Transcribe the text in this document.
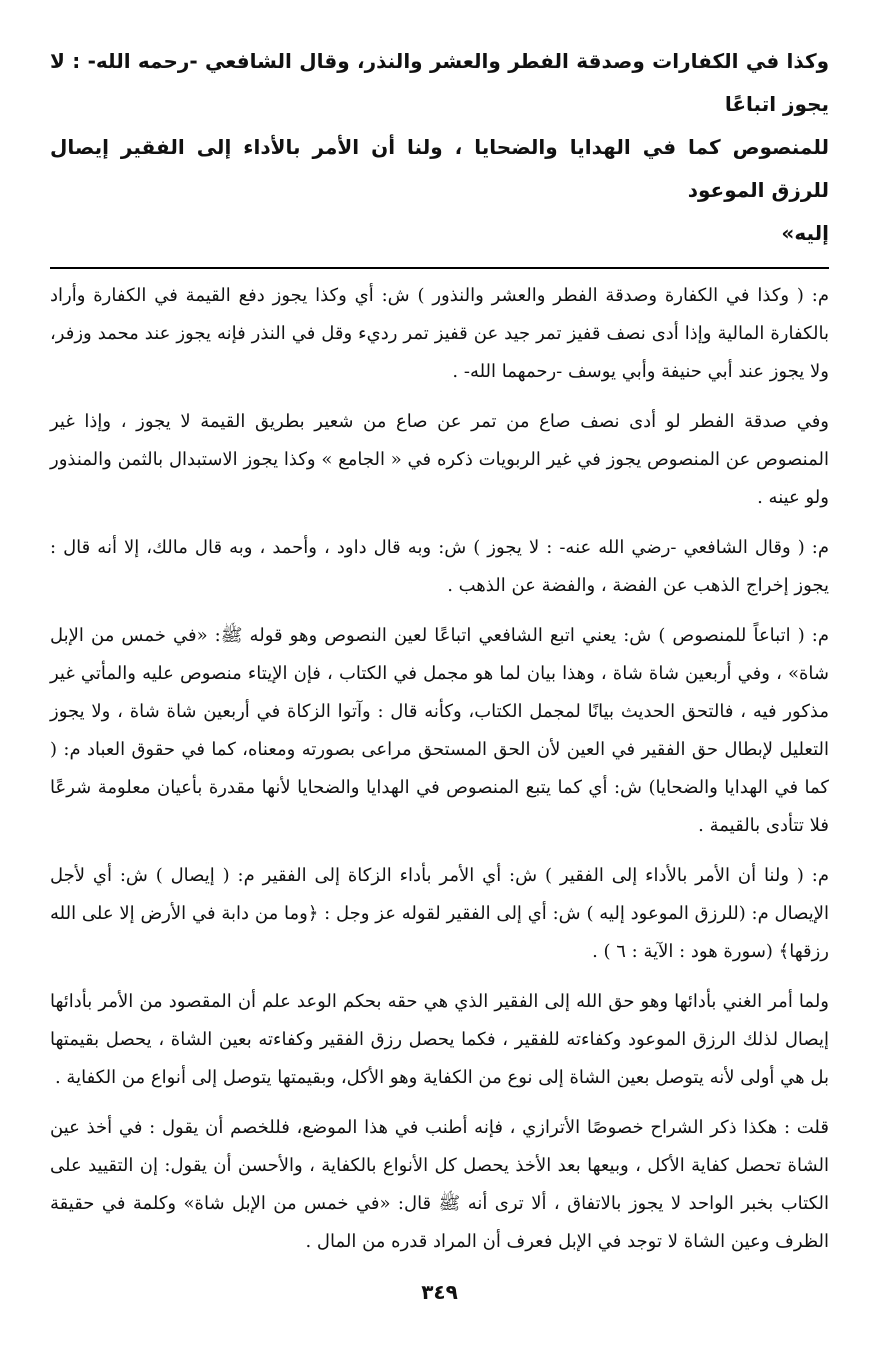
وكذا في الكفارات وصدقة الفطر والعشر والنذر، وقال الشافعي -رحمه الله- : لا يجوز اتباعًا

للمنصوص كما في الهدايا والضحايا ، ولنا أن الأمر بالأداء إلى الفقير إيصال للرزق الموعود

إليه»

م: ( وكذا في الكفارة وصدقة الفطر والعشر والنذور ) ش: أي وكذا يجوز دفع القيمة في الكفارة وأراد بالكفارة المالية وإذا أدى نصف قفيز تمر جيد عن قفيز تمر رديء وقل في النذر فإنه يجوز عند محمد وزفر، ولا يجوز عند أبي حنيفة وأبي يوسف -رحمهما الله- .

وفي صدقة الفطر لو أدى نصف صاع من تمر عن صاع من شعير بطريق القيمة لا يجوز ، وإذا غير المنصوص عن المنصوص يجوز في غير الربويات ذكره في « الجامع » وكذا يجوز الاستبدال بالثمن والمنذور ولو عينه .

م: ( وقال الشافعي -رضي الله عنه- : لا يجوز ) ش: وبه قال داود ، وأحمد ، وبه قال مالك، إلا أنه قال : يجوز إخراج الذهب عن الفضة ، والفضة عن الذهب .

م: ( اتباعاً للمنصوص ) ش: يعني اتبع الشافعي اتباعًا لعين النصوص وهو قوله ﷺ: «في خمس من الإبل شاة» ، وفي أربعين شاة شاة ، وهذا بيان لما هو مجمل في الكتاب ، فإن الإيتاء منصوص عليه والمأتي غير مذكور فيه ، فالتحق الحديث بيانًا لمجمل الكتاب، وكأنه قال : وآتوا الزكاة في أربعين شاة شاة ، ولا يجوز التعليل لإبطال حق الفقير في العين لأن الحق المستحق مراعى بصورته ومعناه، كما في حقوق العباد م: ( كما في الهدايا والضحايا) ش: أي كما يتبع المنصوص في الهدايا والضحايا لأنها مقدرة بأعيان معلومة شرعًا فلا تتأدى بالقيمة .

م: ( ولنا أن الأمر بالأداء إلى الفقير ) ش: أي الأمر بأداء الزكاة إلى الفقير م: ( إيصال ) ش: أي لأجل الإيصال م: (للرزق الموعود إليه ) ش: أي إلى الفقير لقوله عز وجل : ﴿وما من دابة في الأرض إلا على الله رزقها﴾ (سورة هود : الآية : ٦ ) .

ولما أمر الغني بأدائها وهو حق الله إلى الفقير الذي هي حقه بحكم الوعد علم أن المقصود من الأمر بأدائها إيصال لذلك الرزق الموعود وكفاءته للفقير ، فكما يحصل رزق الفقير وكفاءته بعين الشاة ، يحصل بقيمتها بل هي أولى لأنه يتوصل بعين الشاة إلى نوع من الكفاية وهو الأكل، وبقيمتها يتوصل إلى أنواع من الكفاية .

قلت : هكذا ذكر الشراح خصوصًا الأترازي ، فإنه أطنب في هذا الموضع، فللخصم أن يقول : في أخذ عين الشاة تحصل كفاية الأكل ، وبيعها بعد الأخذ يحصل كل الأنواع بالكفاية ، والأحسن أن يقول: إن التقييد على الكتاب بخبر الواحد لا يجوز بالاتفاق ، ألا ترى أنه ﷺ قال: «في خمس من الإبل شاة» وكلمة في حقيقة الظرف وعين الشاة لا توجد في الإبل فعرف أن المراد قدره من المال .

٣٤٩
